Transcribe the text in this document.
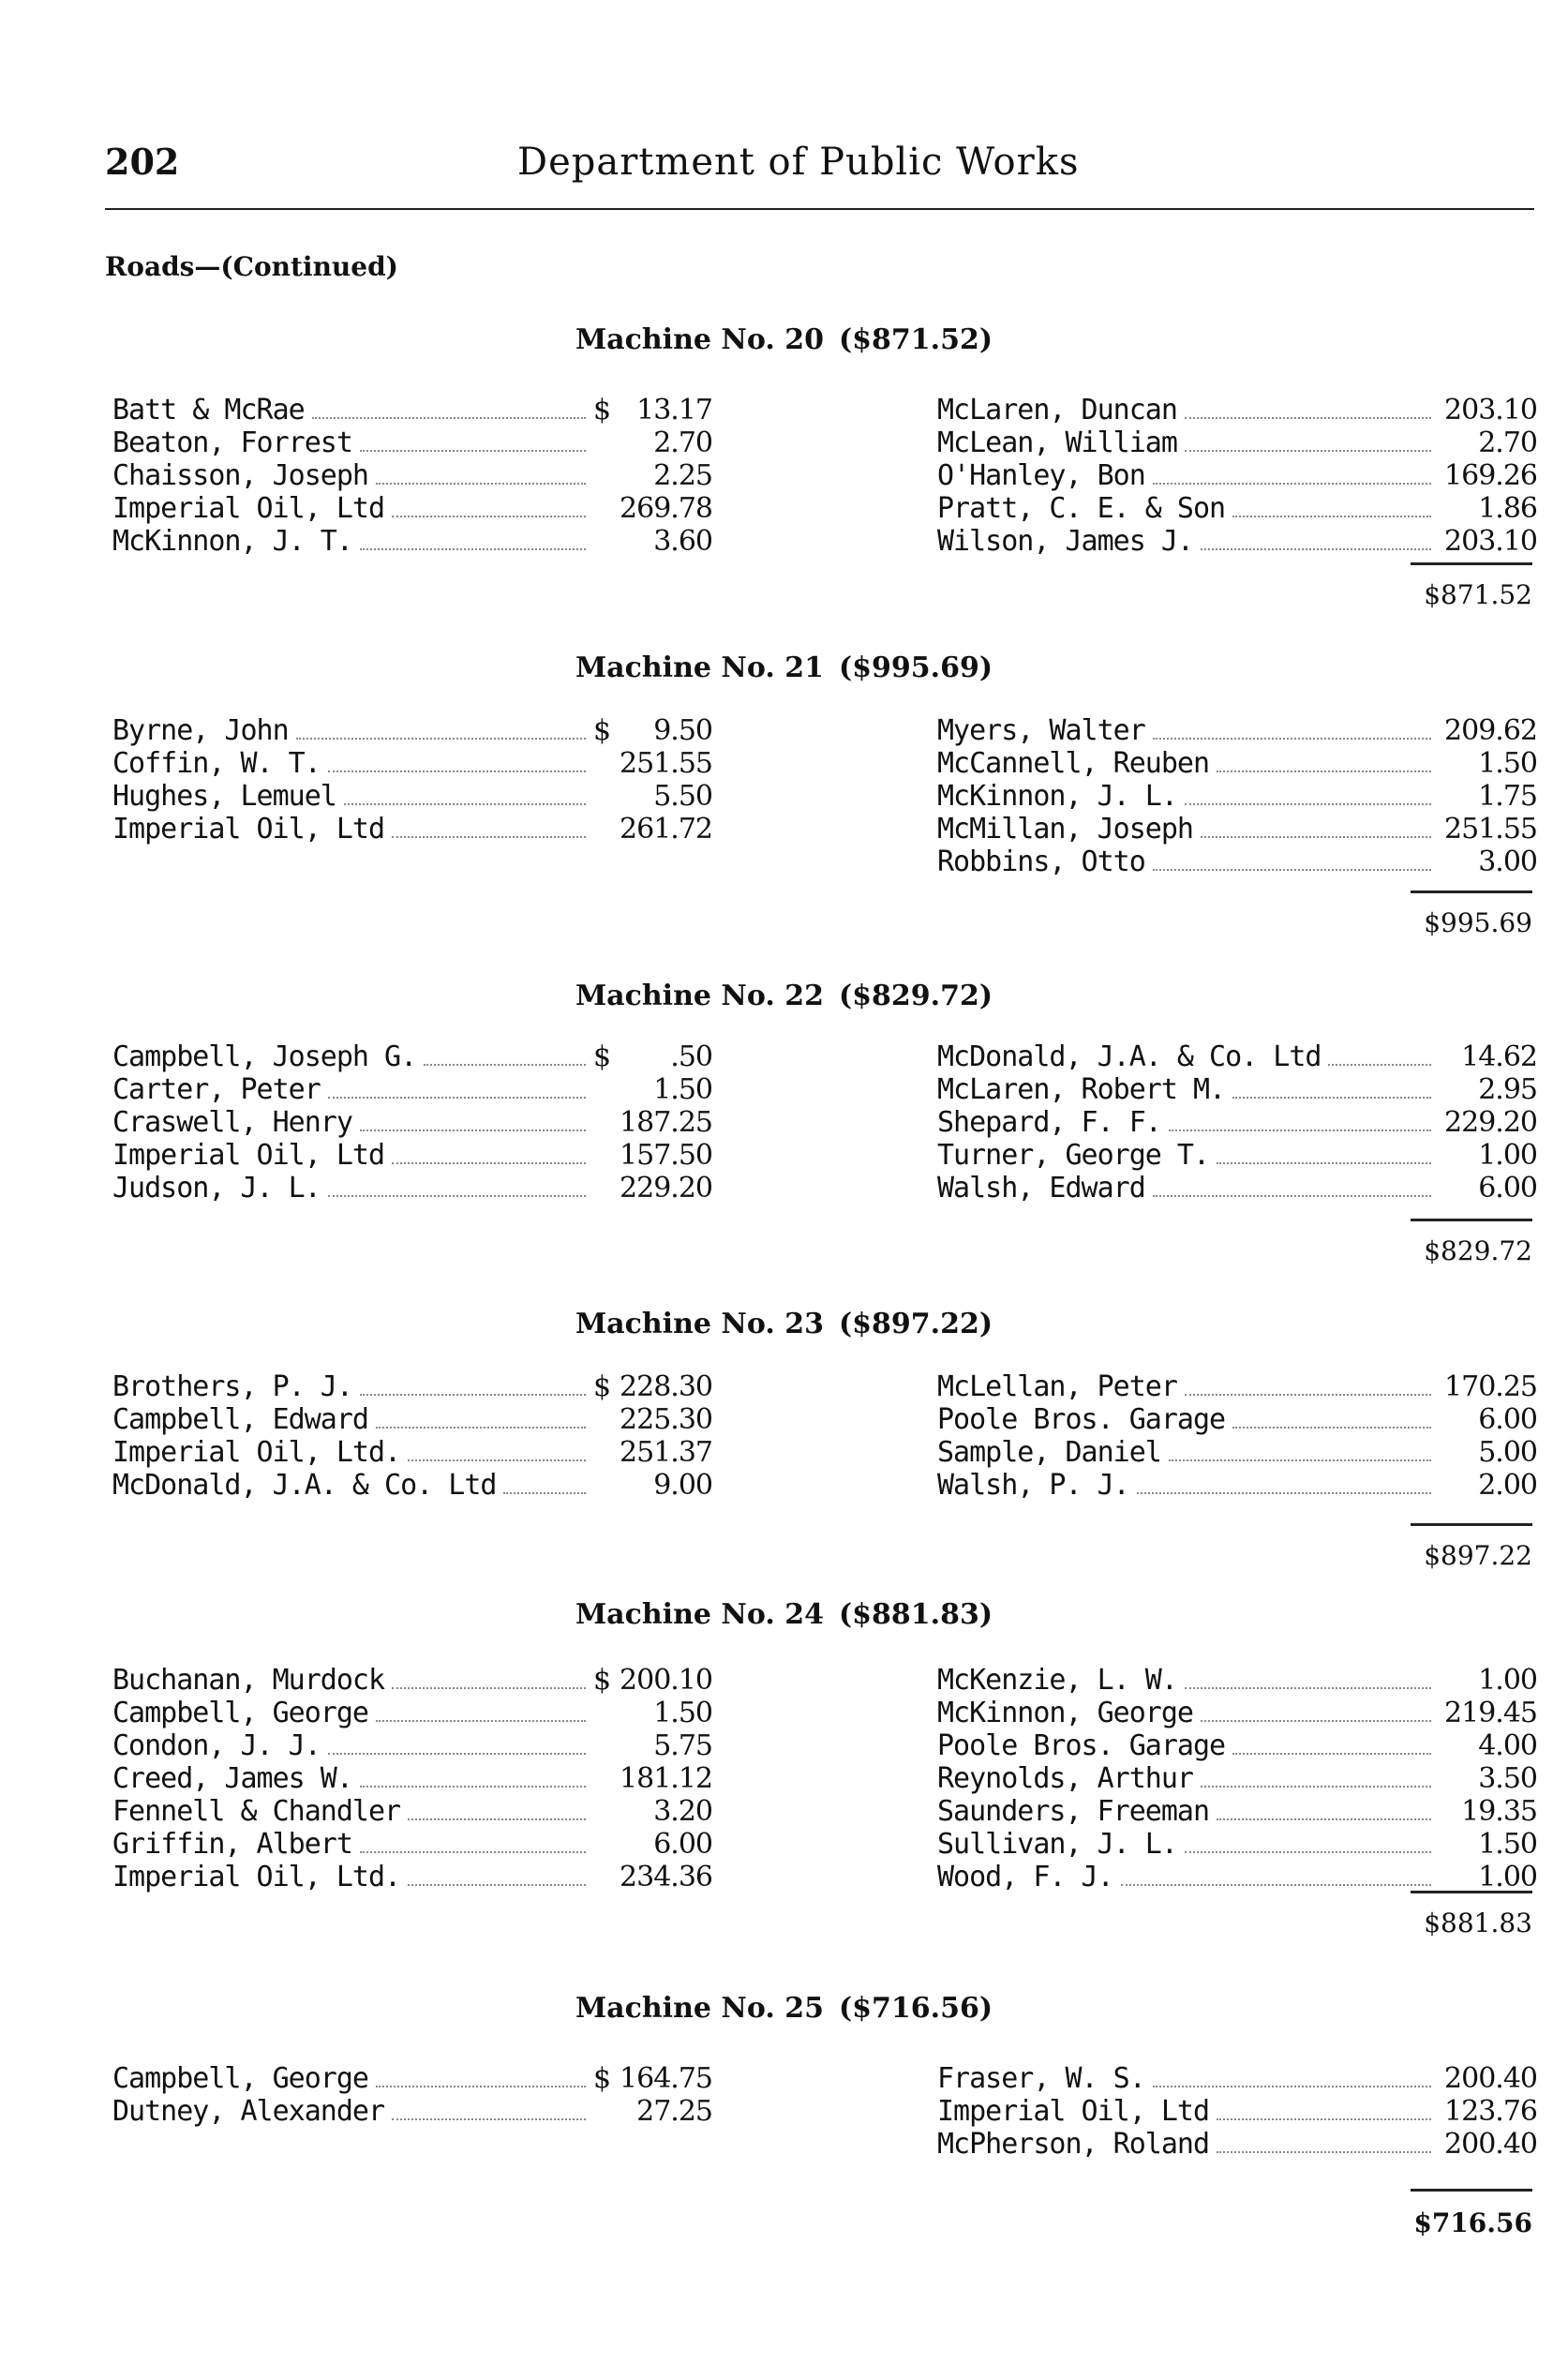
202	Department of Public Works
Roads—(Continued)
Machine No. 20 ($871.52)
Batt & McRae	$ 13.17
Beaton, Forrest	2.70
Chaisson, Joseph	2.25
Imperial Oil, Ltd	269.78
McKinnon, J. T.	3.60
McLaren, Duncan	203.10
McLean, William	2.70
O'Hanley, Bon	169.26
Pratt, C. E. & Son	1.86
Wilson, James J.	203.10
$871.52
Machine No. 21 ($995.69)
Byrne, John	$	9.50
Coffin, W. T.	251.55
Hughes, Lemuel	5.50
Imperial Oil, Ltd	261.72
Myers, Walter	209.62
McCannell, Reuben	1.50
McKinnon, J. L.	1.75
McMillan, Joseph	251.55
Robbins, Otto	3.00
$995.69
Machine No. 22 ($829.72)
Campbell, Joseph G.	$	.50
Carter, Peter	1.50
Craswell, Henry	187.25
Imperial Oil, Ltd	157.50
Judson, J. L.	229.20
McDonald, J.A. & Co. Ltd	14.62
McLaren, Robert M.	2.95
Shepard, F. F.	229.20
Turner, George T.	1.00
Walsh, Edward	6.00
$829.72
Machine No. 23 ($897.22)
Brothers, P. J.	$ 228.30
Campbell, Edward	225.30
Imperial Oil, Ltd.	251.37
McDonald, J.A. & Co. Ltd	9.00
McLellan, Peter	170.25
Poole Bros. Garage	6.00
Sample, Daniel	5.00
Walsh, P. J.	2.00
$897.22
Machine No. 24 ($881.83)
Buchanan, Murdock	$ 200.10
Campbell, George	1.50
Condon, J. J.	5.75
Creed, James W.	181.12
Fennell & Chandler	3.20
Griffin, Albert	6.00
Imperial Oil, Ltd.	234.36
McKenzie, L. W.	1.00
McKinnon, George	219.45
Poole Bros. Garage	4.00
Reynolds, Arthur	3.50
Saunders, Freeman	19.35
Sullivan, J. L.	1.50
Wood, F. J.	1.00
$881.83
Machine No. 25 ($716.56)
Campbell, George	$ 164.75
Dutney, Alexander	27.25
Fraser, W. S.	200.40
Imperial Oil, Ltd	123.76
McPherson, Roland	200.40
$716.56
